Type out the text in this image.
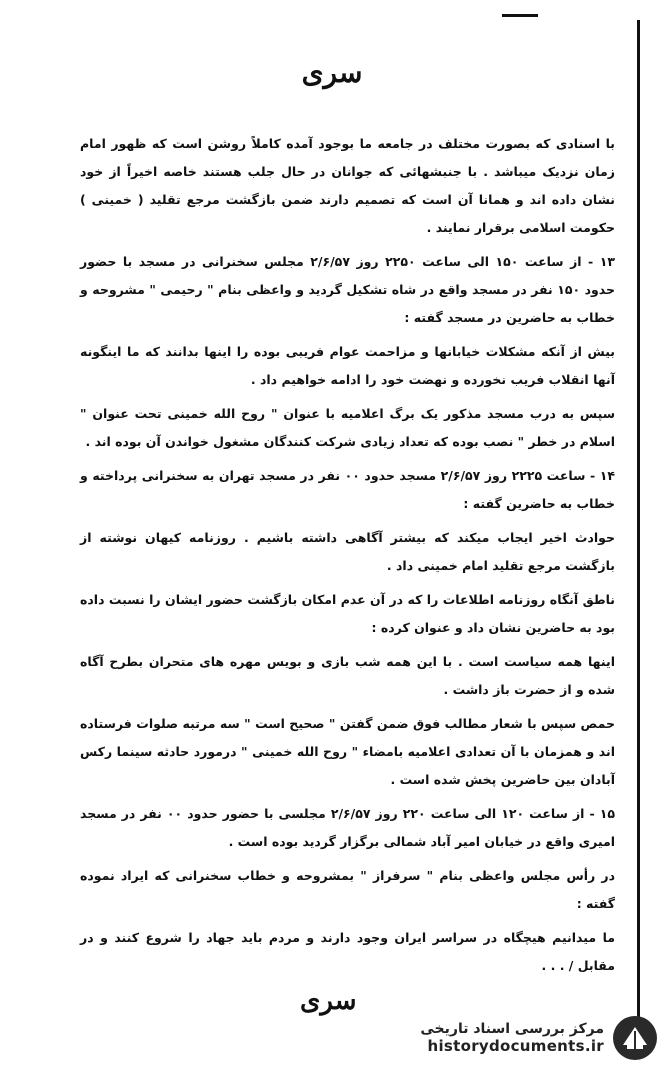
سری

با اسنادی که بصورت مختلف در جامعه ما بوجود آمده کاملاً روشن است که ظهور امام زمان نزدیک میباشد . با جنبشهائی که جوانان در حال جلب هستند خاصه اخیراً از خود نشان داده اند و همانا آن است که تصمیم دارند ضمن بازگشت مرجع تقلید ( خمینی ) حکومت اسلامی برقرار نمایند .

۱۳ - از ساعت ۱۵۰ الی ساعت ۲۲۵۰ روز ۲/۶/۵۷ مجلس سخنرانی در مسجد با حضور حدود ۱۵۰ نفر در مسجد واقع در شاه تشکیل گردید و واعظی بنام " رحیمی " مشروحه و خطاب به حاضرین در مسجد گفته :

بیش از آنکه مشکلات خیابانها و مزاحمت عوام فریبی بوده را اینها بدانند که ما اینگونه آنها انقلاب فریب نخورده و نهضت خود را ادامه خواهیم داد .

سپس به درب مسجد مذکور یک برگ اعلامیه با عنوان " روح الله خمینی تحت عنوان " اسلام در خطر " نصب بوده که تعداد زیادی شرکت کنندگان مشغول خواندن آن بوده اند .

۱۴ - ساعت ۲۲۲۵ روز ۲/۶/۵۷ مسجد حدود ۰۰ نفر در مسجد تهران به سخنرانی پرداخته و خطاب به حاضرین گفته :

حوادث اخیر ایجاب میکند که بیشتر آگاهی داشته باشیم . روزنامه کیهان نوشته از بازگشت مرجع تقلید امام خمینی داد .

ناطق آنگاه روزنامه اطلاعات را که در آن عدم امکان بازگشت حضور ایشان را نسبت داده بود به حاضرین نشان داد و عنوان کرده :

اینها همه سیاست است . با این همه شب بازی و بویس مهره های متحران بطرح آگاه شده و از حضرت باز داشت .

حمص سپس با شعار مطالب فوق ضمن گفتن " صحیح است " سه مرتبه صلوات فرستاده اند و همزمان با آن تعدادی اعلامیه بامضاء " روح الله خمینی " درمورد حادثه سینما رکس آبادان بین حاضرین پخش شده است .

۱۵ - از ساعت ۱۲۰ الی ساعت ۲۲۰ روز ۲/۶/۵۷ مجلسی با حضور حدود ۰۰ نفر در مسجد امیری واقع در خیابان امیر آباد شمالی برگزار گردید بوده است .

در رأس مجلس واعظی بنام " سرفراز " بمشروحه و خطاب سخنرانی که ایراد نموده گفته :

ما میدانیم هیچگاه در سراسر ایران وجود دارند و مردم باید جهاد را شروع کنند و در مقابل / . . .

سری
مرکز بررسی اسناد تاریخی
historydocuments.ir
